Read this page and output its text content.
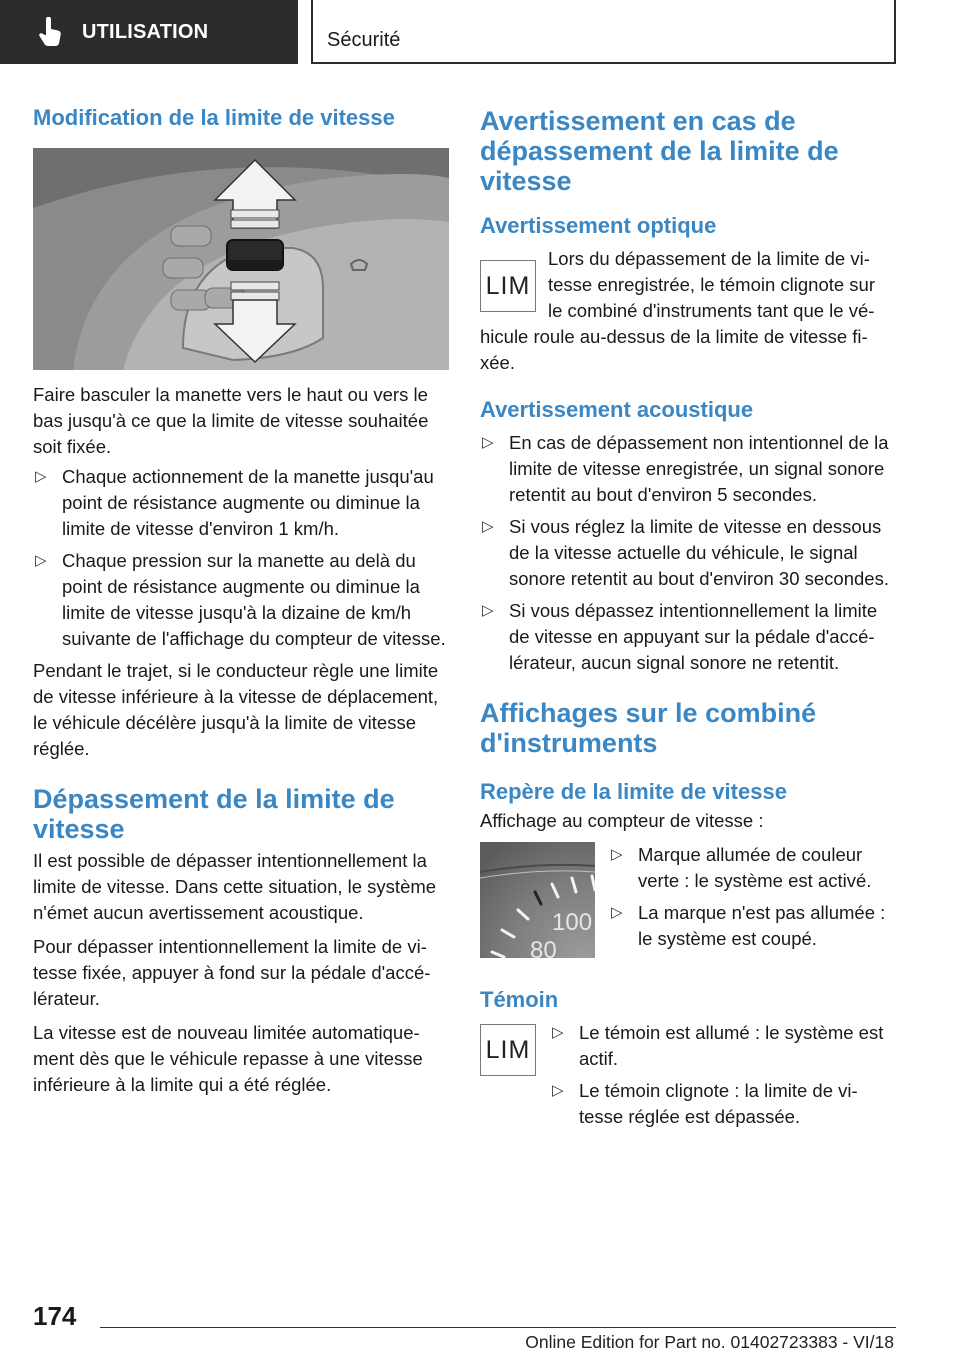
UTILISATION	Sécurité
Modification de la limite de vitesse

Faire basculer la manette vers le haut ou vers le bas jusqu'à ce que la limite de vitesse souhaitée soit fixée.

▷ Chaque actionnement de la manette jusqu'au point de résistance augmente ou diminue la limite de vitesse d'environ 1 km/h.
▷ Chaque pression sur la manette au delà du point de résistance augmente ou diminue la limite de vitesse jusqu'à la dizaine de km/h suivante de l'affichage du compteur de vitesse.

Pendant le trajet, si le conducteur règle une limite de vitesse inférieure à la vitesse de déplacement, le véhicule décélère jusqu'à la limite de vitesse réglée.

Dépassement de la limite de vitesse

Il est possible de dépasser intentionnellement la limite de vitesse. Dans cette situation, le système n'émet aucun avertissement acoustique.

Pour dépasser intentionnellement la limite de vitesse fixée, appuyer à fond sur la pédale d'accélérateur.

La vitesse est de nouveau limitée automatiquement dès que le véhicule repasse à une vitesse inférieure à la limite qui a été réglée.

Avertissement en cas de dépassement de la limite de vitesse
Avertissement optique
LIM

Lors du dépassement de la limite de vitesse enregistrée, le témoin clignote sur le combiné d'instruments tant que le véhicule roule au-dessus de la limite de vitesse fixée.

Avertissement acoustique
▷ En cas de dépassement non intentionnel de la limite de vitesse enregistrée, un signal sonore retentit au bout d'environ 5 secondes.
▷ Si vous réglez la limite de vitesse en dessous de la vitesse actuelle du véhicule, le signal sonore retentit au bout d'environ 30 secondes.
▷ Si vous dépassez intentionnellement la limite de vitesse en appuyant sur la pédale d'accélérateur, aucun signal sonore ne retentit.
Affichages sur le combiné d'instruments
Repère de la limite de vitesse

Affichage au compteur de vitesse :

100
80
▷ Marque allumée de couleur verte : le système est activé.
▷ La marque n'est pas allumée : le système est coupé.
Témoin
LIM
▷ Le témoin est allumé : le système est actif.
▷ Le témoin clignote : la limite de vitesse réglée est dépassée.
174
Online Edition for Part no. 01402723383 - VI/18
